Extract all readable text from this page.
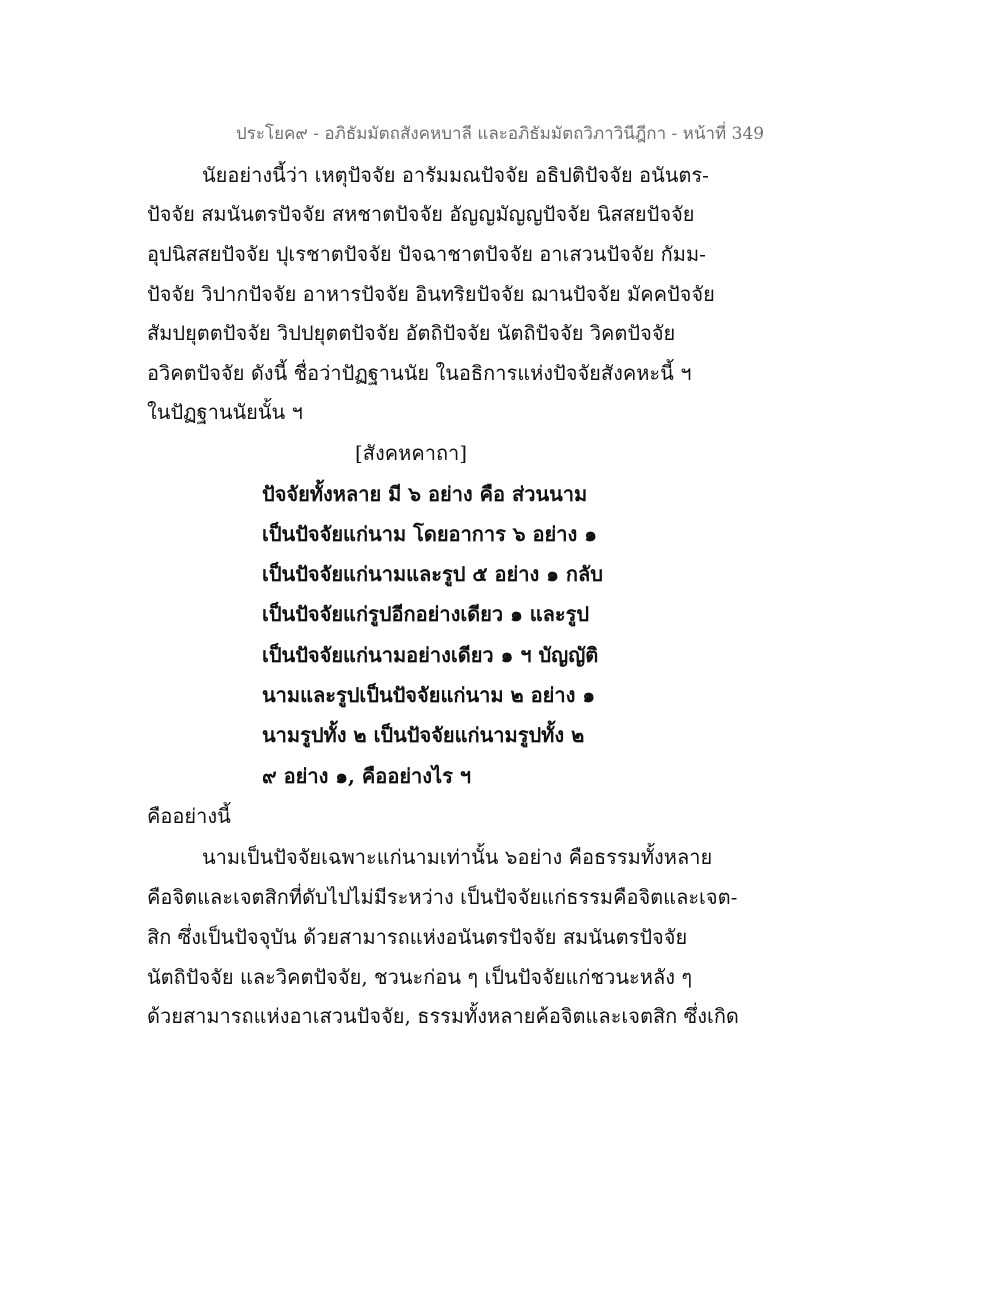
ประโยค๙ - อภิธัมมัตถสังคหบาลี และอภิธัมมัตถวิภาวินีฎีกา - หน้าที่ 349
นัยอย่างนี้ว่า เหตุปัจจัย อารัมมณปัจจัย อธิปติปัจจัย อนันตร-
ปัจจัย สมนันตรปัจจัย สหชาตปัจจัย อัญญมัญญปัจจัย นิสสยปัจจัย
อุปนิสสยปัจจัย ปุเรชาตปัจจัย ปัจฉาชาตปัจจัย อาเสวนปัจจัย กัมม-
ปัจจัย วิปากปัจจัย อาหารปัจจัย อินทริยปัจจัย ฌานปัจจัย มัคคปัจจัย
สัมปยุตตปัจจัย วิปปยุตตปัจจัย อัตถิปัจจัย นัตถิปัจจัย วิคตปัจจัย
อวิคตปัจจัย ดังนี้ ชื่อว่าปัฏฐานนัย ในอธิการแห่งปัจจัยสังคหะนี้ ฯ
ในปัฏฐานนัยนั้น ฯ
[สังคหคาถา]
ปัจจัยทั้งหลาย มี ๖ อย่าง คือ ส่วนนาม
เป็นปัจจัยแก่นาม โดยอาการ ๖ อย่าง ๑
เป็นปัจจัยแก่นามและรูป ๕ อย่าง ๑ กลับ
เป็นปัจจัยแก่รูปอีกอย่างเดียว ๑ และรูป
เป็นปัจจัยแก่นามอย่างเดียว ๑ ฯ บัญญัติ
นามและรูปเป็นปัจจัยแก่นาม ๒ อย่าง ๑
นามรูปทั้ง ๒ เป็นปัจจัยแก่นามรูปทั้ง ๒
๙ อย่าง ๑, คืออย่างไร ฯ
คืออย่างนี้
นามเป็นปัจจัยเฉพาะแก่นามเท่านั้น ๖อย่าง คือธรรมทั้งหลาย
คือจิตและเจตสิกที่ดับไปไม่มีระหว่าง เป็นปัจจัยแก่ธรรมคือจิตและเจต-
สิก ซึ่งเป็นปัจจุบัน ด้วยสามารถแห่งอนันตรปัจจัย สมนันตรปัจจัย
นัตถิปัจจัย และวิคตปัจจัย, ชวนะก่อน ๆ เป็นปัจจัยแก่ชวนะหลัง ๆ
ด้วยสามารถแห่งอาเสวนปัจจัย, ธรรมทั้งหลายค้อจิตและเจตสิก ซึ่งเกิด
